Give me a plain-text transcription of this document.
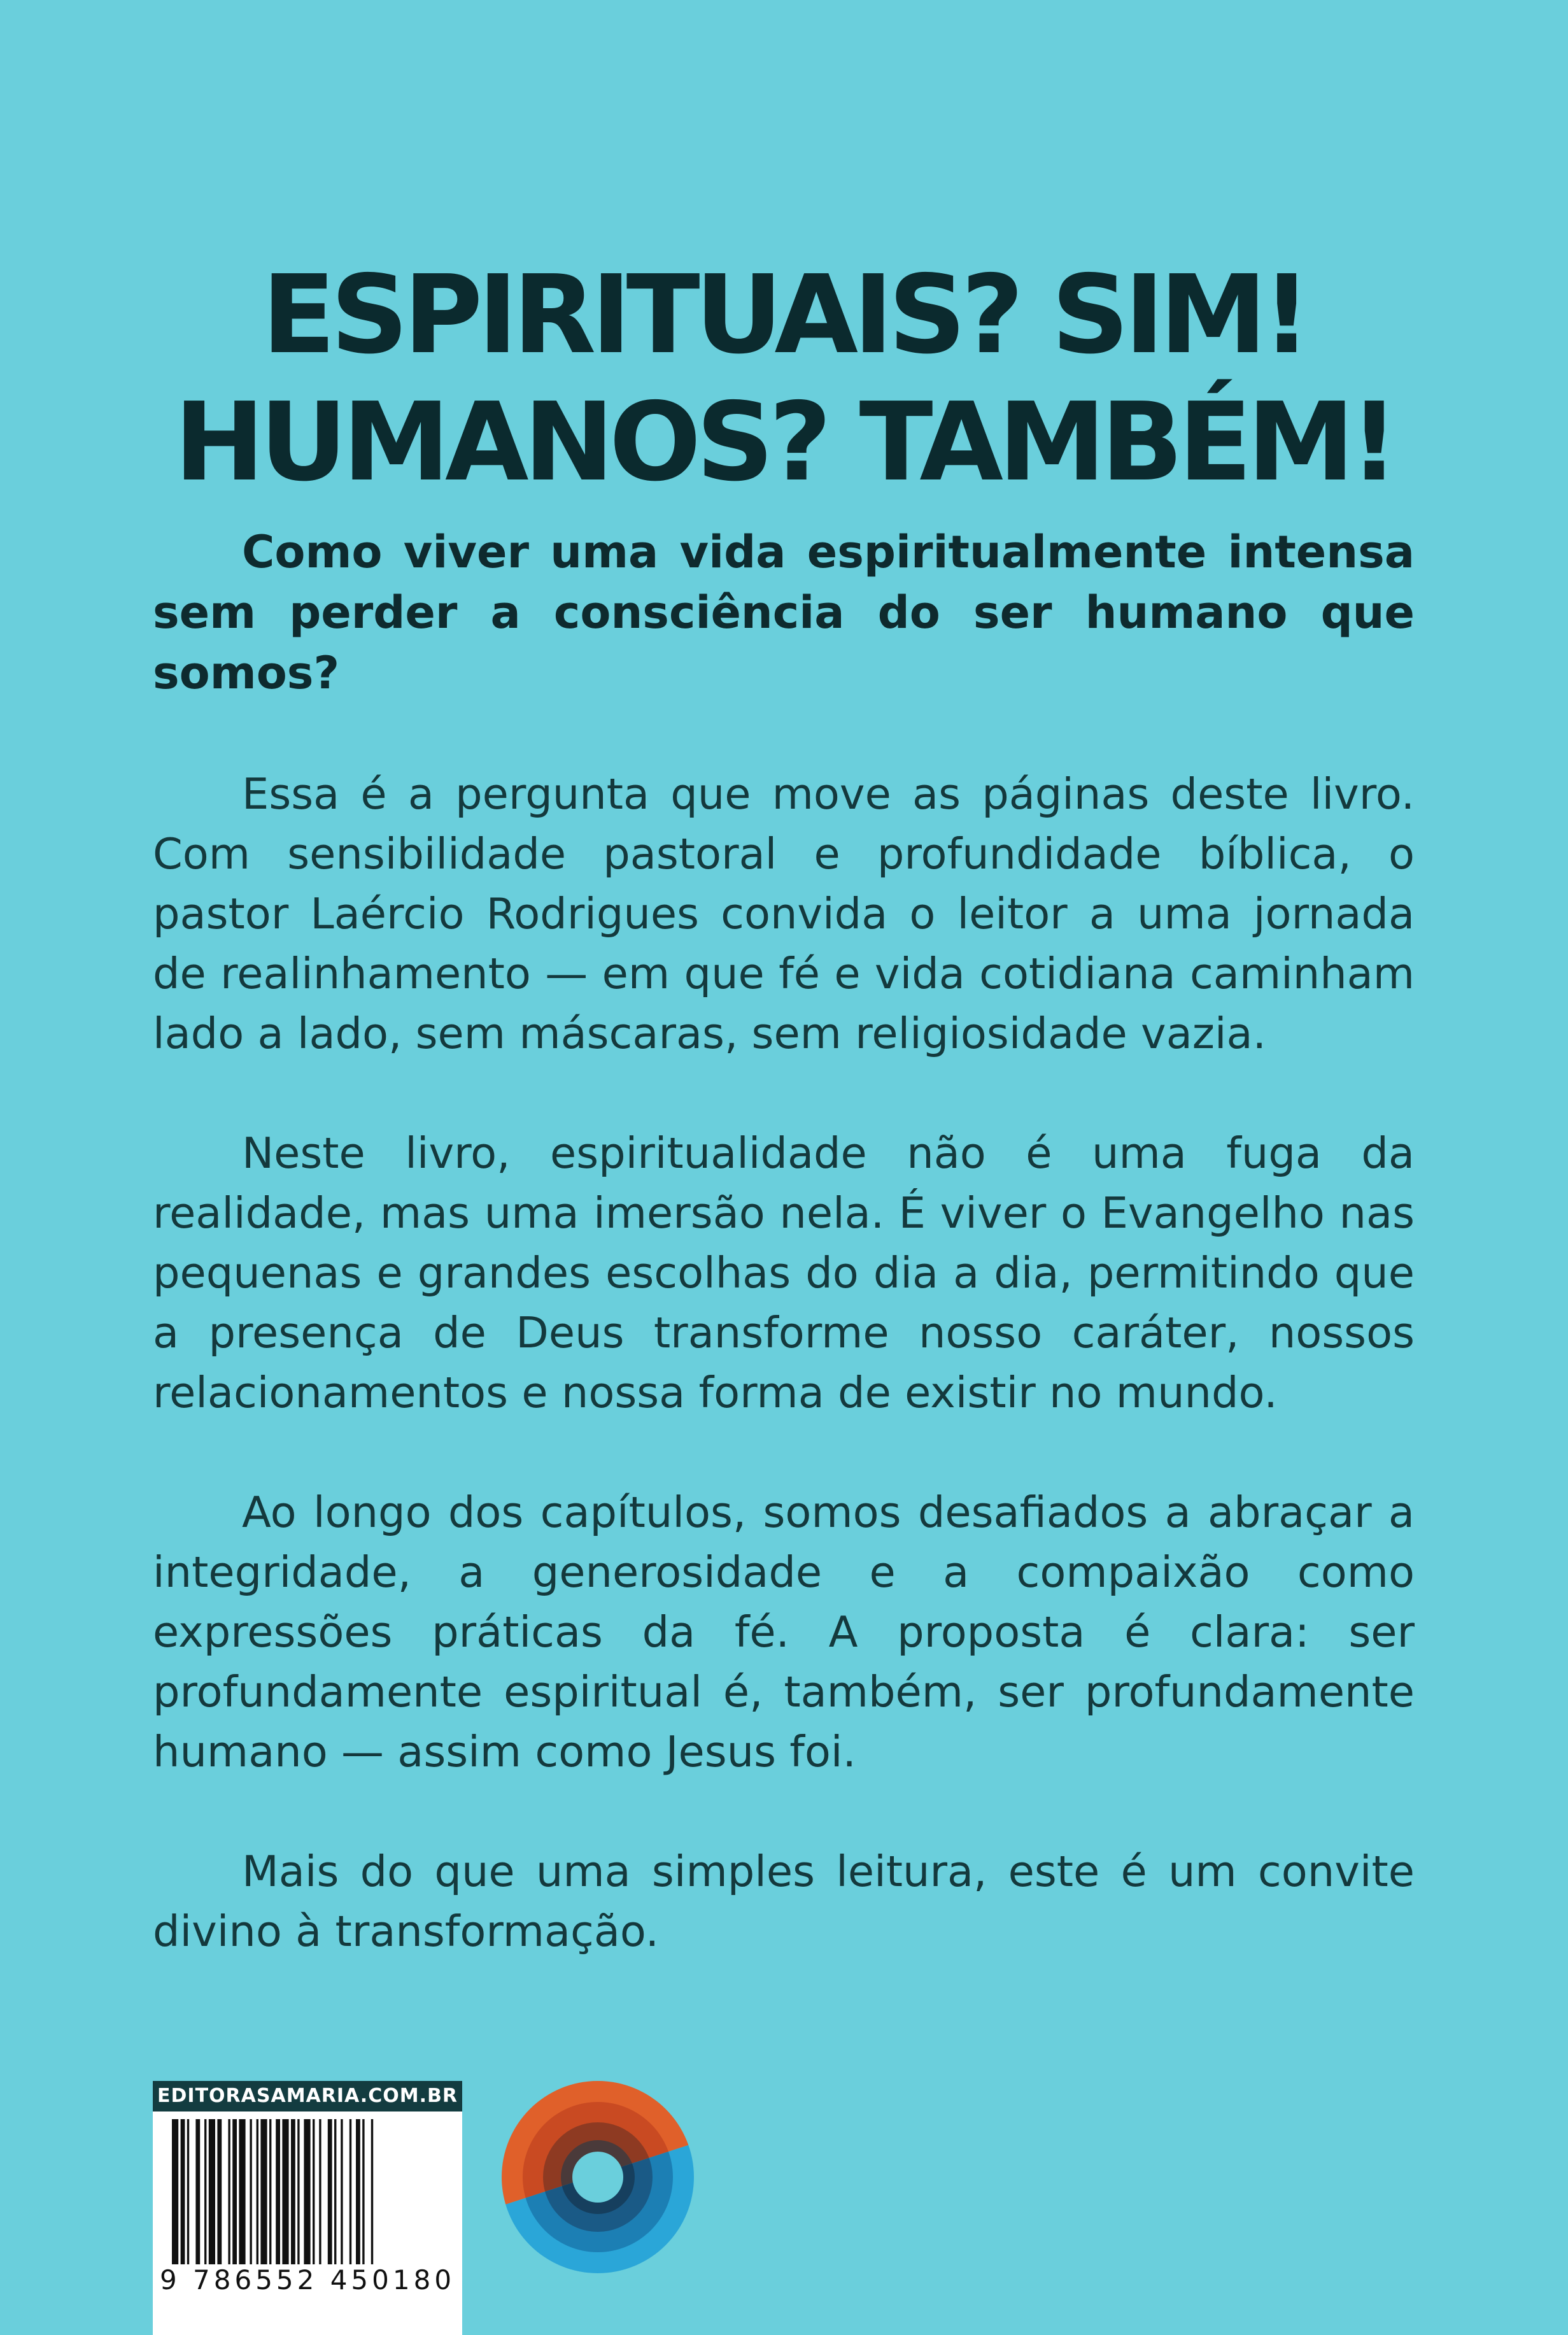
ESPIRITUAIS? SIM!
HUMANOS? TAMBÉM!

Como viver uma vida espiritualmente intensa sem perder a consciência do ser humano que somos?

Essa é a pergunta que move as páginas deste livro. Com sensibilidade pastoral e profundidade bíblica, o pastor Laércio Rodrigues convida o leitor a uma jornada de realinhamento — em que fé e vida cotidiana caminham lado a lado, sem máscaras, sem religiosidade vazia.

Neste livro, espiritualidade não é uma fuga da realidade, mas uma imersão nela. É viver o Evangelho nas pequenas e grandes escolhas do dia a dia, permitindo que a presença de Deus transforme nosso caráter, nossos relacionamentos e nossa forma de existir no mundo.

Ao longo dos capítulos, somos desafiados a abraçar a integridade, a generosidade e a compaixão como expressões práticas da fé. A proposta é clara: ser profundamente espiritual é, também, ser profundamente humano — assim como Jesus foi.

Mais do que uma simples leitura, este é um convite divino à transformação.

EDITORASAMARIA.COM.BR
9 786552 450180
